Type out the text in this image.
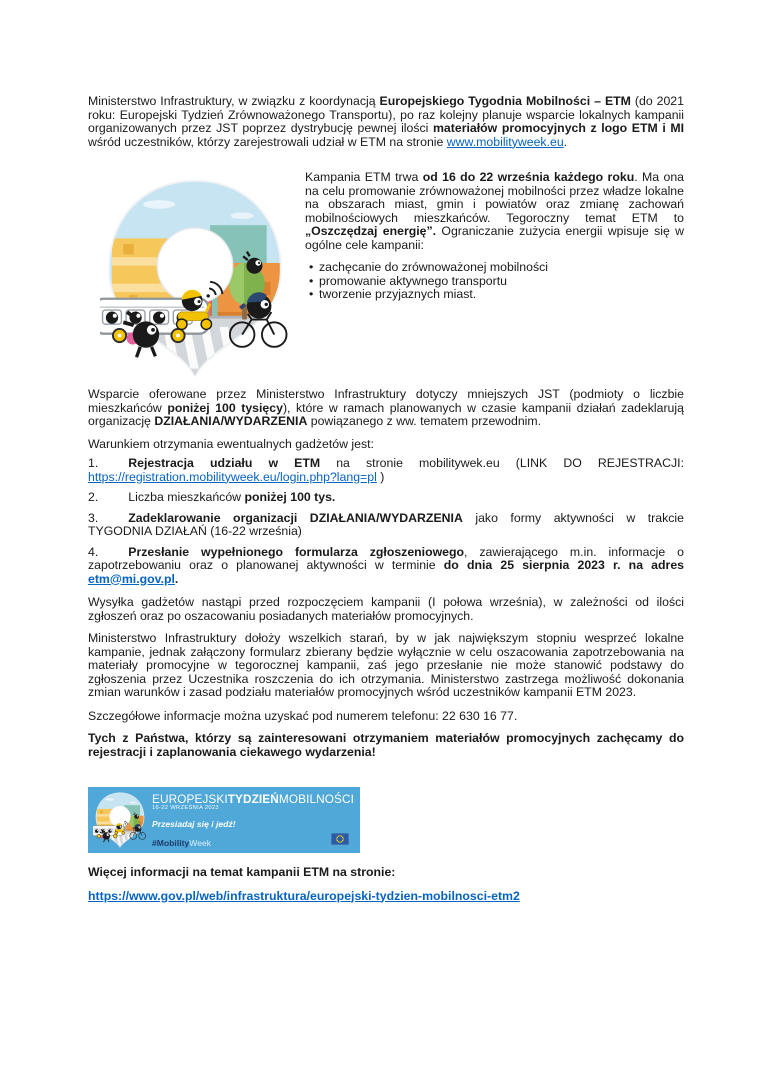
Ministerstwo Infrastruktury, w związku z koordynacją Europejskiego Tygodnia Mobilności – ETM (do 2021 roku: Europejski Tydzień Zrównoważonego Transportu), po raz kolejny planuje wsparcie lokalnych kampanii organizowanych przez JST poprzez dystrybucję pewnej ilości materiałów promocyjnych z logo ETM i MI wśród uczestników, którzy zarejestrowali udział w ETM na stronie www.mobilityweek.eu.

Kampania ETM trwa od 16 do 22 września każdego roku. Ma ona na celu promowanie zrównoważonej mobilności przez władze lokalne na obszarach miast, gmin i powiatów oraz zmianę zachowań mobilnościowych mieszkańców. Tegoroczny temat ETM to „Oszczędzaj energię”. Ograniczanie zużycia energii wpisuje się w ogólne cele kampanii:

• zachęcanie do zrównoważonej mobilności
• promowanie aktywnego transportu
• tworzenie przyjaznych miast.

Wsparcie oferowane przez Ministerstwo Infrastruktury dotyczy mniejszych JST (podmioty o liczbie mieszkańców poniżej 100 tysięcy), które w ramach planowanych w czasie kampanii działań zadeklarują organizację DZIAŁANIA/WYDARZENIA powiązanego z ww. tematem przewodnim.

Warunkiem otrzymania ewentualnych gadżetów jest:

1. Rejestracja udziału w ETM na stronie mobilitywek.eu (LINK DO REJESTRACJI: https://registration.mobilityweek.eu/login.php?lang=pl )

2. Liczba mieszkańców poniżej 100 tys.

3. Zadeklarowanie organizacji DZIAŁANIA/WYDARZENIA jako formy aktywności w trakcie TYGODNIA DZIAŁAŃ (16-22 września)

4. Przesłanie wypełnionego formularza zgłoszeniowego, zawierającego m.in. informacje o zapotrzebowaniu oraz o planowanej aktywności w terminie do dnia 25 sierpnia 2023 r. na adres etm@mi.gov.pl.

Wysyłka gadżetów nastąpi przed rozpoczęciem kampanii (I połowa września), w zależności od ilości zgłoszeń oraz po oszacowaniu posiadanych materiałów promocyjnych.

Ministerstwo Infrastruktury dołoży wszelkich starań, by w jak największym stopniu wesprzeć lokalne kampanie, jednak załączony formularz zbierany będzie wyłącznie w celu oszacowania zapotrzebowania na materiały promocyjne w tegorocznej kampanii, zaś jego przesłanie nie może stanowić podstawy do zgłoszenia przez Uczestnika roszczenia do ich otrzymania. Ministerstwo zastrzega możliwość dokonania zmian warunków i zasad podziału materiałów promocyjnych wśród uczestników kampanii ETM 2023.

Szczegółowe informacje można uzyskać pod numerem telefonu: 22 630 16 77.

Tych z Państwa, którzy są zainteresowani otrzymaniem materiałów promocyjnych zachęcamy do rejestracji i zaplanowania ciekawego wydarzenia!

EUROPEJSKITYDZIEŃMOBILNOŚCI
16-22 WRZEŚNIA 2023
Przesiadaj się i jedź!
#MobilityWeek

Więcej informacji na temat kampanii ETM na stronie:

https://www.gov.pl/web/infrastruktura/europejski-tydzien-mobilnosci-etm2
